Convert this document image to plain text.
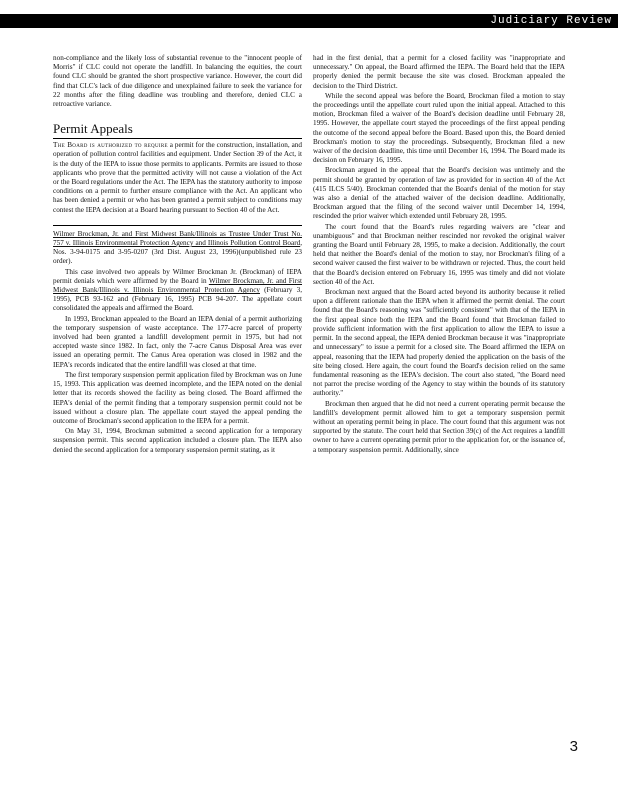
Judiciary Review

non-compliance and the likely loss of substantial revenue to the "innocent people of Morris" if CLC could not operate the landfill. In balancing the equities, the court found CLC should be granted the short prospective variance. However, the court did find that CLC's lack of due diligence and unexplained failure to seek the variance for 22 months after the filing deadline was troubling and therefore, denied CLC a retroactive variance.

Permit Appeals

The Board is authorized to require a permit for the construction, installation, and operation of pollution control facilities and equipment. Under Section 39 of the Act, it is the duty of the IEPA to issue those permits to applicants. Permits are issued to those applicants who prove that the permitted activity will not cause a violation of the Act or the Board regulations under the Act. The IEPA has the statutory authority to impose conditions on a permit to further ensure compliance with the Act. An applicant who has been denied a permit or who has been granted a permit subject to conditions may contest the IEPA decision at a Board hearing pursuant to Section 40 of the Act.

Wilmer Brockman, Jr. and First Midwest Bank/Illinois as Trustee Under Trust No. 757 v. Illinois Environmental Protection Agency and Illinois Pollution Control Board, Nos. 3-94-0175 and 3-95-0207 (3rd Dist. August 23, 1996)(unpublished rule 23 order).

This case involved two appeals by Wilmer Brockman Jr. (Brockman) of IEPA permit denials which were affirmed by the Board in Wilmer Brockman, Jr. and First Midwest Bank/Illinois v. Illinois Environmental Protection Agency (February 3, 1995), PCB 93-162 and (February 16, 1995) PCB 94-207. The appellate court consolidated the appeals and affirmed the Board.

In 1993, Brockman appealed to the Board an IEPA denial of a permit authorizing the temporary suspension of waste acceptance. The 177-acre parcel of property involved had been granted a landfill development permit in 1975, but had not accepted waste since 1982. In fact, only the 7-acre Canus Disposal Area was ever issued an operating permit. The Canus Area operation was closed in 1982 and the IEPA's records indicated that the entire landfill was closed at that time.

The first temporary suspension permit application filed by Brockman was on June 15, 1993. This application was deemed incomplete, and the IEPA noted on the denial letter that its records showed the facility as being closed. The Board affirmed the IEPA's denial of the permit finding that a temporary suspension permit could not be issued without a closure plan. The appellate court stayed the appeal pending the outcome of Brockman's second application to the IEPA for a permit.

On May 31, 1994, Brockman submitted a second application for a temporary suspension permit. This second application included a closure plan. The IEPA also denied the second application for a temporary suspension permit stating, as it

had in the first denial, that a permit for a closed facility was "inappropriate and unnecessary." On appeal, the Board affirmed the IEPA. The Board held that the IEPA properly denied the permit because the site was closed. Brockman appealed the decision to the Third District.

While the second appeal was before the Board, Brockman filed a motion to stay the proceedings until the appellate court ruled upon the initial appeal. Attached to this motion, Brockman filed a waiver of the Board's decision deadline until February 28, 1995. However, the appellate court stayed the proceedings of the first appeal pending the outcome of the second appeal before the Board. Based upon this, the Board denied Brockman's motion to stay the proceedings. Subsequently, Brockman filed a new waiver of the decision deadline, this time until December 16, 1994. The Board made its decision on February 16, 1995.

Brockman argued in the appeal that the Board's decision was untimely and the permit should be granted by operation of law as provided for in section 40 of the Act (415 ILCS 5/40). Brockman contended that the Board's denial of the motion for stay was also a denial of the attached waiver of the decision deadline. Additionally, Brockman argued that the filing of the second waiver until December 14, 1994, rescinded the prior waiver which extended until February 28, 1995.

The court found that the Board's rules regarding waivers are "clear and unambiguous" and that Brockman neither rescinded nor revoked the original waiver granting the Board until February 28, 1995, to make a decision. Additionally, the court held that neither the Board's denial of the motion to stay, nor Brockman's filing of a second waiver caused the first waiver to be withdrawn or rejected. Thus, the court held that the Board's decision entered on February 16, 1995 was timely and did not violate section 40 of the Act.

Brockman next argued that the Board acted beyond its authority because it relied upon a different rationale than the IEPA when it affirmed the permit denial. The court found that the Board's reasoning was "sufficiently consistent" with that of the IEPA in the first appeal since both the IEPA and the Board found that Brockman failed to provide sufficient information with the first application to allow the IEPA to issue a permit. In the second appeal, the IEPA denied Brockman because it was "inappropriate and unnecessary" to issue a permit for a closed site. The Board affirmed the IEPA on appeal, reasoning that the IEPA had properly denied the application on the basis of the site being closed. Here again, the court found the Board's decision relied on the same fundamental reasoning as the IEPA's decision. The court also stated, "the Board need not parrot the precise wording of the Agency to stay within the bounds of its statutory authority."

Brockman then argued that he did not need a current operating permit because the landfill's development permit allowed him to get a temporary suspension permit without an operating permit being in place. The court found that this argument was not supported by the statute. The court held that Section 39(c) of the Act requires a landfill owner to have a current operating permit prior to the application for, or the issuance of, a temporary suspension permit. Additionally, since

3
